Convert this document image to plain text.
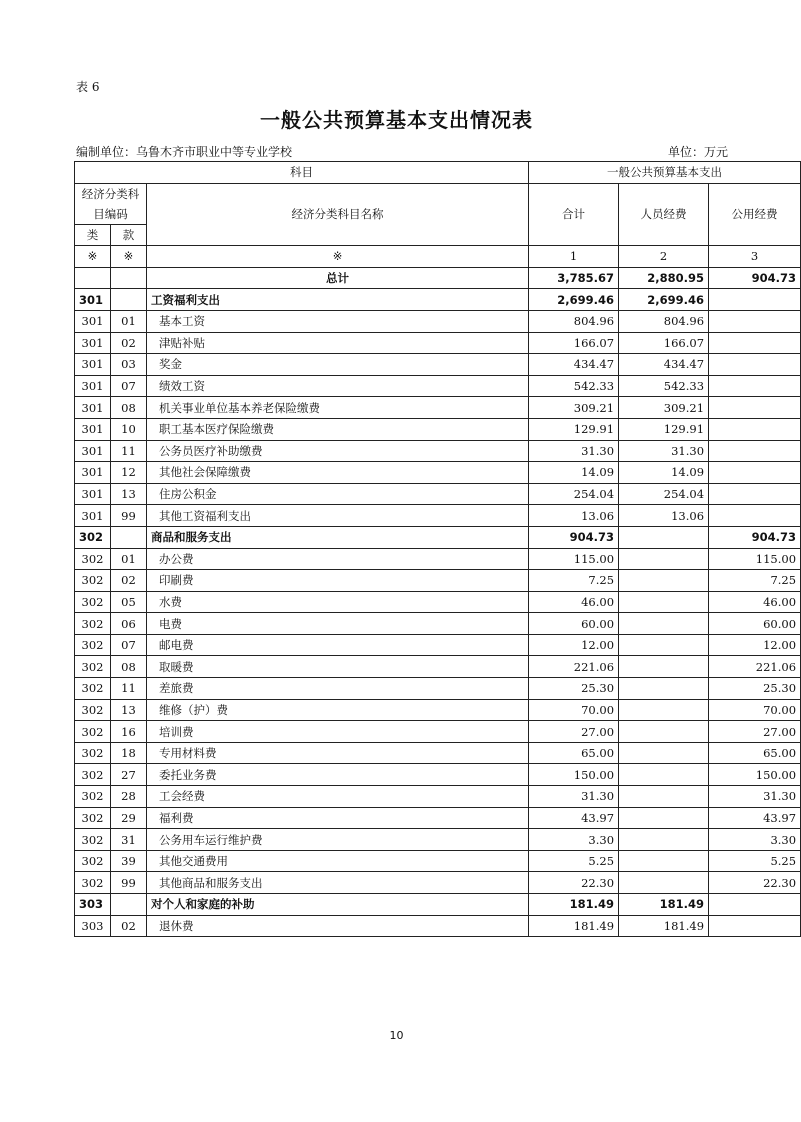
表 6
一般公共预算基本支出情况表
编制单位：乌鲁木齐市职业中等专业学校	单位：万元
科目			一般公共预算基本支出		
经济分类科目编码		经济分类科目名称	合计	人员经费	公用经费

类	款				
※	※	※	1	2	3
		总计	3,785.67	2,880.95	904.73
301		工资福利支出	2,699.46	2,699.46	
301	01	基本工资	804.96	804.96	
301	02	津贴补贴	166.07	166.07	
301	03	奖金	434.47	434.47	
301	07	绩效工资	542.33	542.33	
301	08	机关事业单位基本养老保险缴费	309.21	309.21	
301	10	职工基本医疗保险缴费	129.91	129.91	
301	11	公务员医疗补助缴费	31.30	31.30	
301	12	其他社会保障缴费	14.09	14.09	
301	13	住房公积金	254.04	254.04	
301	99	其他工资福利支出	13.06	13.06	
302		商品和服务支出	904.73		904.73
302	01	办公费	115.00		115.00
302	02	印刷费	7.25		7.25
302	05	水费	46.00		46.00
302	06	电费	60.00		60.00
302	07	邮电费	12.00		12.00
302	08	取暖费	221.06		221.06
302	11	差旅费	25.30		25.30
302	13	维修（护）费	70.00		70.00
302	16	培训费	27.00		27.00
302	18	专用材料费	65.00		65.00
302	27	委托业务费	150.00		150.00
302	28	工会经费	31.30		31.30
302	29	福利费	43.97		43.97
302	31	公务用车运行维护费	3.30		3.30
302	39	其他交通费用	5.25		5.25
302	99	其他商品和服务支出	22.30		22.30
303		对个人和家庭的补助	181.49	181.49	
303	02	退休费	181.49	181.49	
10
